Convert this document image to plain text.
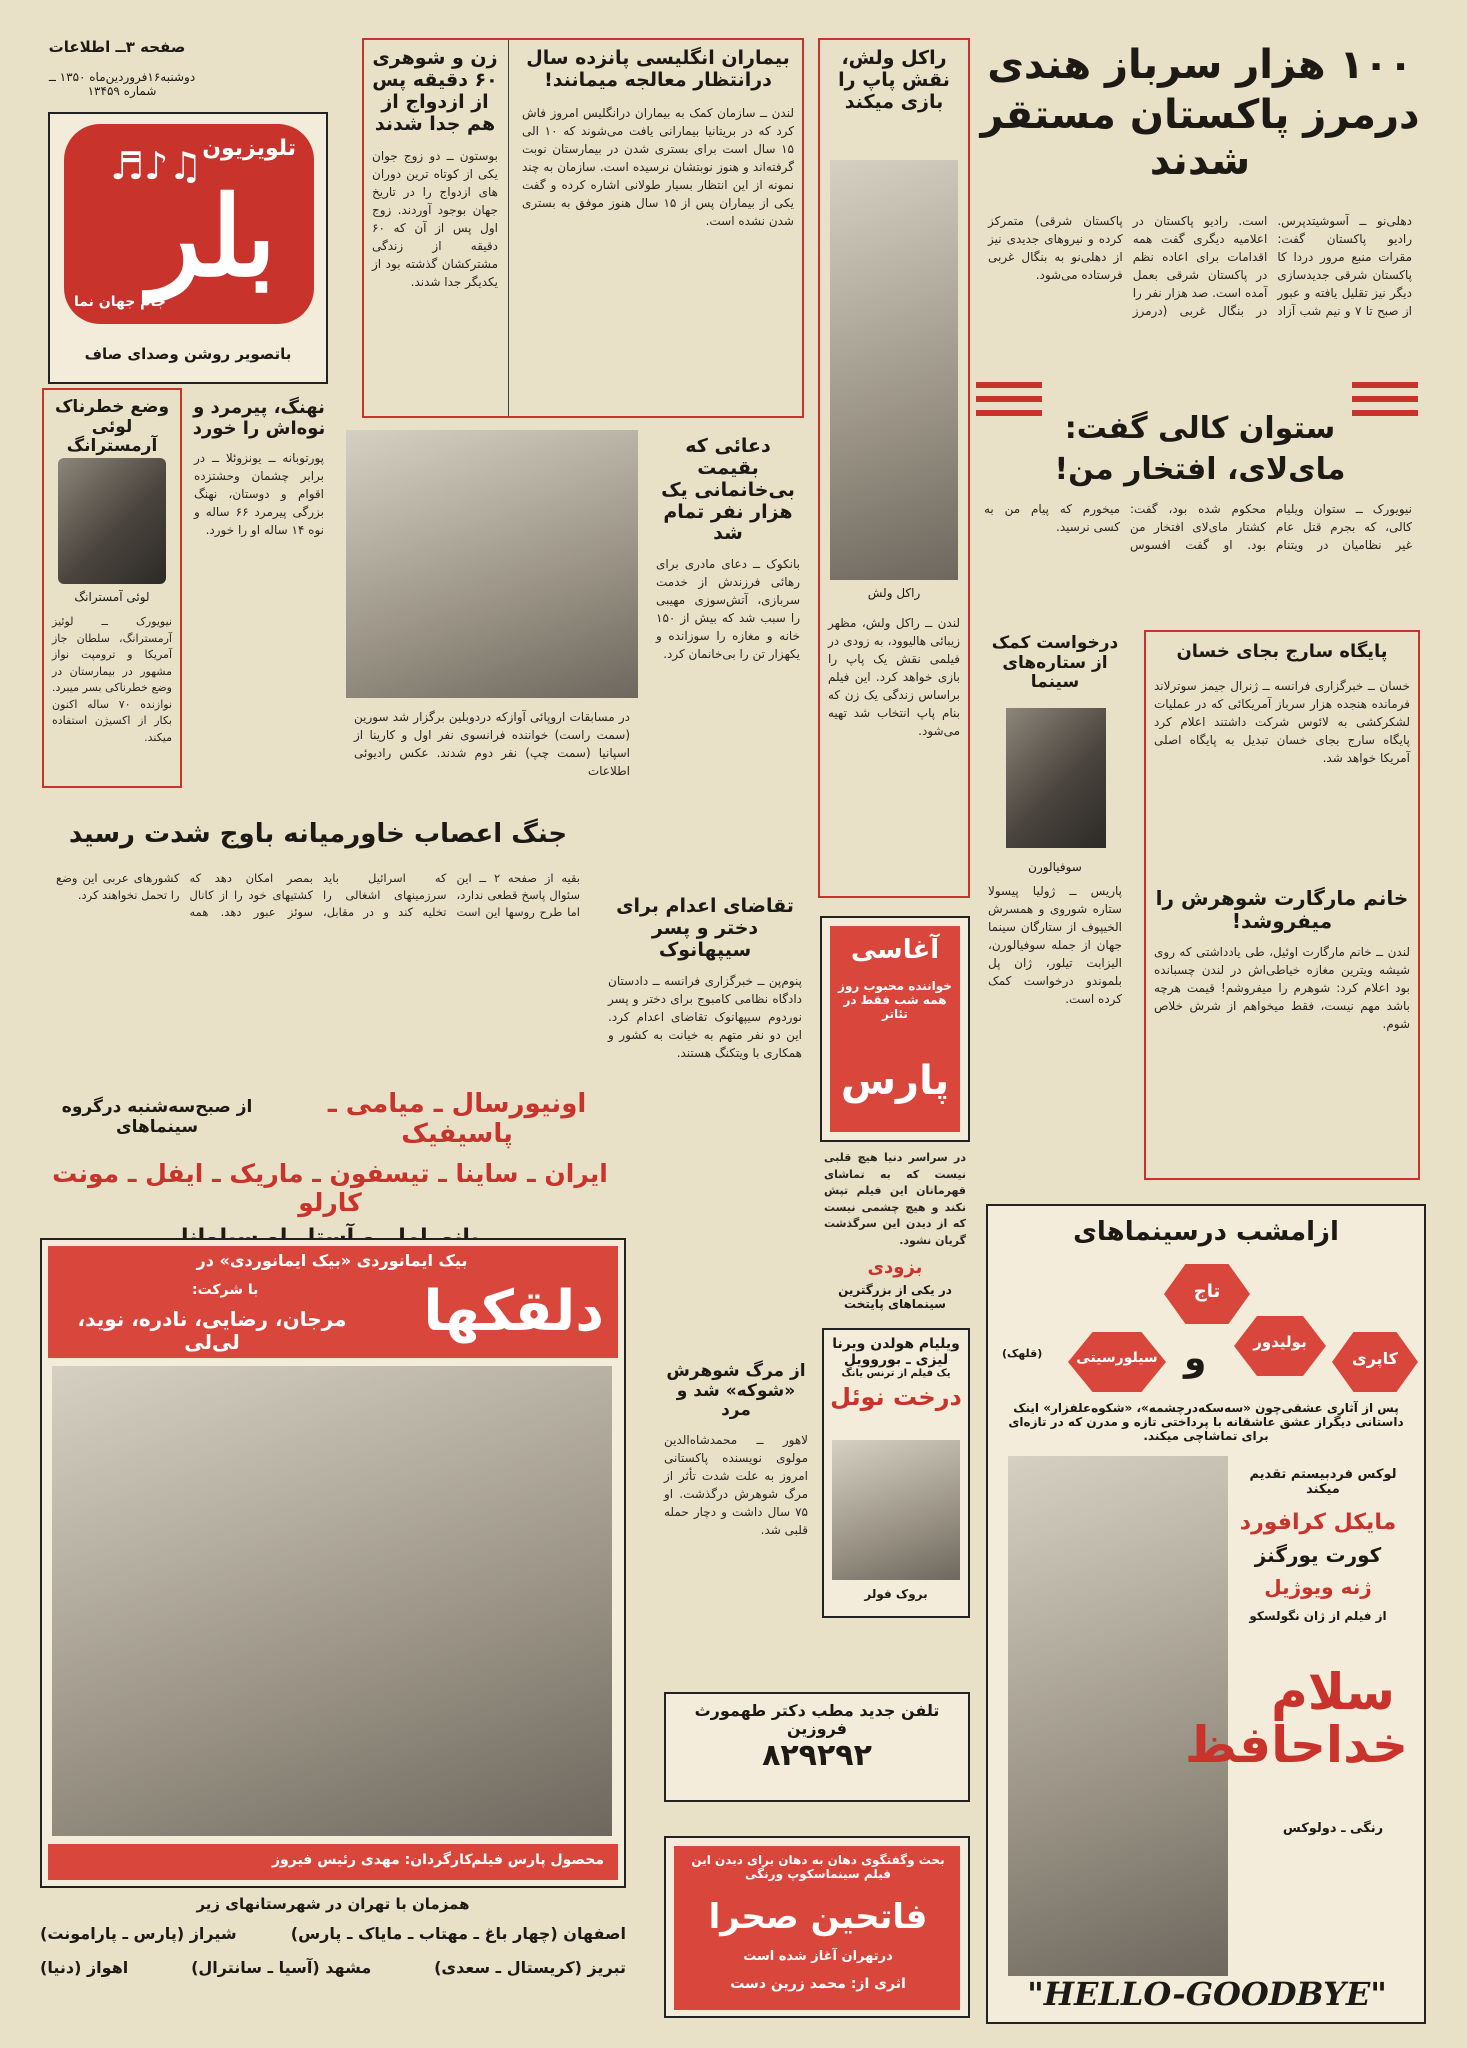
صفحه ۳ــ اطلاعات
دوشنبه۱۶فروردین‌ماه ۱۳۵۰ ــ شماره ۱۳۴۵۹
تلویزیون
بلر
جام جهان نما
♫♪♬
باتصویر روشن وصدای صاف
۱۰۰ هزار سرباز هندی
درمرز پاکستان مستقر شدند
دهلی‌نو ــ آسوشیتدپرس. رادیو پاکستان گفت: مقرات منبع مرور دردا کا پاکستان شرقی جدیدسازی دیگر نیز تقلیل یافته و عبور از صبح تا ۷ و نیم شب آزاد است. رادیو پاکستان در اعلامیه دیگری گفت همه اقدامات برای اعاده نظم در پاکستان شرقی بعمل آمده است. صد هزار نفر را در بنگال غربی (درمرز پاکستان شرقی) متمرکز کرده و نیروهای جدیدی نیز از دهلی‌نو به بنگال غربی فرستاده می‌شود.
زن و شوهری ۶۰ دقیقه پس از ازدواج از هم جدا شدند
بوستون ــ دو زوج جوان یکی از کوتاه ترین دوران های ازدواج را در تاریخ جهان بوجود آوردند. زوج اول پس از آن که ۶۰ دقیقه از زندگی مشترکشان گذشته بود از یکدیگر جدا شدند.
بیماران انگلیسی پانزده سال درانتظار معالجه میمانند!
لندن ــ سازمان کمک به بیماران درانگلیس امروز فاش کرد که در بریتانیا بیمارانی یافت می‌شوند که ۱۰ الی ۱۵ سال است برای بستری شدن در بیمارستان نوبت گرفته‌اند و هنوز نوبتشان نرسیده است. سازمان به چند نمونه از این انتظار بسیار طولانی اشاره کرده و گفت یکی از بیماران پس از ۱۵ سال هنوز موفق به بستری شدن نشده است.
راکل ولش، نقش پاپ را بازی میکند
راکل ولش
لندن ــ راکل ولش، مظهر زیبائی هالیوود، به زودی در فیلمی نقش یک پاپ را بازی خواهد کرد. این فیلم براساس زندگی یک زن که بنام پاپ انتخاب شد تهیه می‌شود.
وضع خطرناک لوئی آرمسترانگ
لوئی آمسترانگ
نیویورک ــ لوئیز آرمسترانگ، سلطان جاز آمریکا و ترومپت نواز مشهور در بیمارستان در وضع خطرناکی بسر میبرد. نوازنده ۷۰ ساله اکنون بکار از اکسیژن استفاده میکند.
نهنگ، پیرمرد و نوه‌اش را خورد
پورتوبانه ــ یونزوئلا ــ در برابر چشمان وحشتزده اقوام و دوستان، نهنگ بزرگی پیرمرد ۶۶ ساله و نوه ۱۴ ساله او را خورد.
در مسابقات اروپائی آوازکه دردوبلین برگزار شد سورین (سمت راست) خواننده فرانسوی نفر اول و کارینا از اسپانیا (سمت چپ) نفر دوم شدند. عکس رادیوئی اطلاعات
دعائی که بقیمت بی‌خانمانی یک هزار نفر تمام شد
بانکوک ــ دعای مادری برای رهائی فرزندش از خدمت سربازی، آتش‌سوزی مهیبی را سبب شد که بیش از ۱۵۰ خانه و مغازه را سوزانده و یکهزار تن را بی‌خانمان کرد.
ستوان کالی گفت:
مای‌لای، افتخار من!
نیویورک ــ ستوان ویلیام کالی، که بجرم قتل عام غیر نظامیان در ویتنام محکوم شده بود، گفت: کشتار مای‌لای افتخار من بود. او گفت افسوس میخورم که پیام من به کسی نرسید.
درخواست کمک از ستاره‌های سینما
سوفیالورن
پاریس ــ ژولیا پیسولا ستاره شوروی و همسرش الخیپوف از ستارگان سینما جهان از جمله سوفیالورن، الیزابت تیلور، ژان پل بلموندو درخواست کمک کرده است.
پایگاه سارج بجای خسان
خسان ــ خبرگزاری فرانسه ــ ژنرال جیمز سوترلاند فرمانده هنجده هزار سرباز آمریکائی که در عملیات لشکرکشی به لائوس شرکت داشتند اعلام کرد پایگاه سارج بجای خسان تبدیل به پایگاه اصلی آمریکا خواهد شد.
خانم مارگارت شوهرش را میفروشد!
لندن ــ خانم مارگارت اوئیل، طی یادداشتی که روی شیشه ویترین مغازه خیاطی‌اش در لندن چسبانده بود اعلام کرد: شوهرم را میفروشم! قیمت هرچه باشد مهم نیست، فقط میخواهم از شرش خلاص شوم.
جنگ اعصاب خاورمیانه باوج شدت رسید
بقیه از صفحه ۲ ــ این سئوال پاسخ قطعی ندارد، اما طرح روسها این است که اسرائیل باید سرزمینهای اشغالی را تخلیه کند و در مقابل، بمصر امکان دهد که کشتیهای خود را از کانال سوئز عبور دهد. همه کشورهای عربی این وضع را تحمل نخواهند کرد.	تقاضای اعدام برای دختر و پسر سیپهانوک
پنوم‌پن ــ خبرگزاری فرانسه ــ دادستان دادگاه نظامی کامبوج برای دختر و پسر نوردوم سیپهانوک تقاضای اعدام کرد. این دو نفر متهم به خیانت به کشور و همکاری با ویتکنگ هستند.
آغاسی
خواننده محبوب روز همه شب فقط در تئاتر
پارس
در سراسر دنیا هیچ قلبی نیست که به تماشای قهرمانان این فیلم تپش نکند و هیچ چشمی نیست که از دیدن این سرگذشت گریان نشود.
بزودی
در یکی از بزرگترین سینماهای پایتخت
ویلیام هولدن ویرنا لیزی ـ بوروویل
یک فیلم از ترنس یانگ
درخت نوئل
بروک فولر
از مرگ شوهرش «شوکه» شد و مرد
لاهور ــ محمدشاه‌الدین مولوی نویسنده پاکستانی امروز به علت شدت تأثر از مرگ شوهرش درگذشت. او ۷۵ سال داشت و دچار حمله قلبی شد.
اونیورسال ـ میامی ـ پاسیفیک
از صبح‌سه‌شنبه درگروه سینماهای
ایران ـ ساینا ـ تیسفون ـ ماریک ـ ایفل ـ مونت کارلو
بیک ایمانوردی «بیک ایمانوردی» در
دلقکها
با شرکت:
مرجان، رضایی، نادره، نوید، لی‌لی
کارگردان: مهدی رئیس فیروز
محصول پارس فیلم
همزمان با تهران در شهرستانهای زیر
اصفهان (چهار باغ ـ مهتاب ـ مایاک ـ پارس)
شیراز (پارس ـ پارامونت)
تبریز (کریستال ـ سعدی)
مشهد (آسیا ـ سانترال)
اهواز (دنیا)
تلفن جدید مطب دکتر طهمورث
فروزین
۸۲۹۲۹۲
بحث وگفتگوی دهان به دهان برای دیدن این فیلم سینماسکوپ ورنگی
فاتحین صحرا
درتهران آغاز شده است
اثری از: محمد زرین دست
ازامشب درسینماهای
تاج
کاپری
بولیدور
سیلورسیتی و
(قلهک)
پس از آثاری عشقی‌چون «سه‌سکه‌درچشمه»، «شکوه‌علفزار» اینک داستانی دیگراز عشق عاشقانه با پرداختی تازه و مدرن که در تازه‌ای برای تماشاچی میکند.
لوکس فردبیستم تقدیم میکند
مایکل کرافورد
کورت یورگنز
ژنه ویوژیل
از فیلم از ژان نگولسکو
سلام خداحافظ
رنگی ـ دولوکس
"HELLO-GOODBYE"
